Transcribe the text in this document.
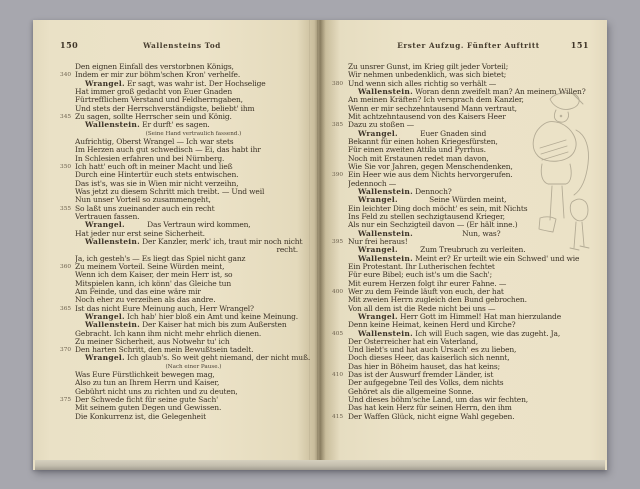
150	Wallensteins Tod
Den eignen Einfall des verstorbnen Königs,
340 Indem er mir zur böhm'schen Kron' verhelfe.
Wrangel. Er sagt, was wahr ist. Der Hochselige
Hat immer groß gedacht von Euer Gnaden
Fürtrefflichem Verstand und Feldherrngaben,
Und stets der Herrschverständigste, beliebt' ihm
345 Zu sagen, sollte Herrscher sein und König.
Wallenstein. Er durft' es sagen.
(Seine Hand vertraulich fassend.)
Aufrichtig, Oberst Wrangel — Ich war stets
Im Herzen auch gut schwedisch — Ei, das habt ihr
In Schlesien erfahren und bei Nürnberg.
350 Ich hatt' euch oft in meiner Macht und ließ
Durch eine Hintertür euch stets entwischen.
Das ist's, was sie in Wien mir nicht verzeihn,
Was jetzt zu diesem Schritt mich treibt. — Und weil
Nun unser Vorteil so zusammengeht,
355 So laßt uns zueinander auch ein recht
Vertrauen fassen.
Wrangel.          Das Vertraun wird kommen,
Hat jeder nur erst seine Sicherheit.
Wallenstein. Der Kanzler, merk' ich, traut mir noch nicht
recht.
Ja, ich gesteh's — Es liegt das Spiel nicht ganz
360 Zu meinem Vorteil. Seine Würden meint,
Wenn ich dem Kaiser, der mein Herr ist, so
Mitspielen kann, ich könn' das Gleiche tun
Am Feinde, und das eine wäre mir
Noch eher zu verzeihen als das andre.
365 Ist das nicht Eure Meinung auch, Herr Wrangel?
Wrangel. Ich hab' hier bloß ein Amt und keine Meinung.
Wallenstein. Der Kaiser hat mich bis zum Äußersten
Gebracht. Ich kann ihm nicht mehr ehrlich dienen.
Zu meiner Sicherheit, aus Notwehr tu' ich
370 Den harten Schritt, den mein Bewußtsein tadelt.
Wrangel. Ich glaub's. So weit geht niemand, der nicht muß.
(Nach einer Pause.)
Was Eure Fürstlichkeit bewegen mag,
Also zu tun an Ihrem Herrn und Kaiser,
Gebührt nicht uns zu richten und zu deuten,
375 Der Schwede ficht für seine gute Sach'
Mit seinem guten Degen und Gewissen.
Die Konkurrenz ist, die Gelegenheit
Erster Aufzug. Fünfter Auftritt	151
Zu unsrer Gunst, im Krieg gilt jeder Vorteil;
Wir nehmen unbedenklich, was sich bietet;
380 Und wenn sich alles richtig so verhält —
Wallenstein. Woran denn zweifelt man? An meinem Willen?
An meinen Kräften? Ich versprach dem Kanzler,
Wenn er mir sechzehntausend Mann vertraut,
Mit achtzehntausend von des Kaisers Heer
385 Dazu zu stoßen —
Wrangel.          Euer Gnaden sind
Bekannt für einen hohen Kriegesfürsten,
Für einen zweiten Attila und Pyrrhus.
Noch mit Erstaunen redet man davon,
Wie Sie vor Jahren, gegen Menschendenken,
390 Ein Heer wie aus dem Nichts hervorgerufen.
Jedennoch —
Wallenstein. Dennoch?
Wrangel.              Seine Würden meint,
Ein leichter Ding doch möcht' es sein, mit Nichts
Ins Feld zu stellen sechzigtausend Krieger,
Als nur ein Sechzigteil davon — (Er hält inne.)
Wallenstein.                      Nun, was?
395 Nur frei heraus!
Wrangel.          Zum Treubruch zu verleiten.
Wallenstein. Meint er? Er urteilt wie ein Schwed' und wie
Ein Protestant. Ihr Lutherischen fechtet
Für eure Bibel; euch ist's um die Sach';
Mit eurem Herzen folgt ihr eurer Fahne. —
400 Wer zu dem Feinde läuft von euch, der hat
Mit zweien Herrn zugleich den Bund gebrochen.
Von all dem ist die Rede nicht bei uns —
Wrangel. Herr Gott im Himmel! Hat man hierzulande
Denn keine Heimat, keinen Herd und Kirche?
405	Wallenstein. Ich will Euch sagen, wie das zugeht. Ja,
Der Österreicher hat ein Vaterland,
Und liebt's und hat auch Ursach' es zu lieben,
Doch dieses Heer, das kaiserlich sich nennt,
Das hier in Böheim hauset, das hat keins;
410 Das ist der Auswurf fremder Länder, ist
Der aufgegebne Teil des Volks, dem nichts
Gehöret als die allgemeine Sonne.
Und dieses böhm'sche Land, um das wir fechten,
Das hat kein Herz für seinen Herrn, den ihm
415 Der Waffen Glück, nicht eigne Wahl gegeben.
